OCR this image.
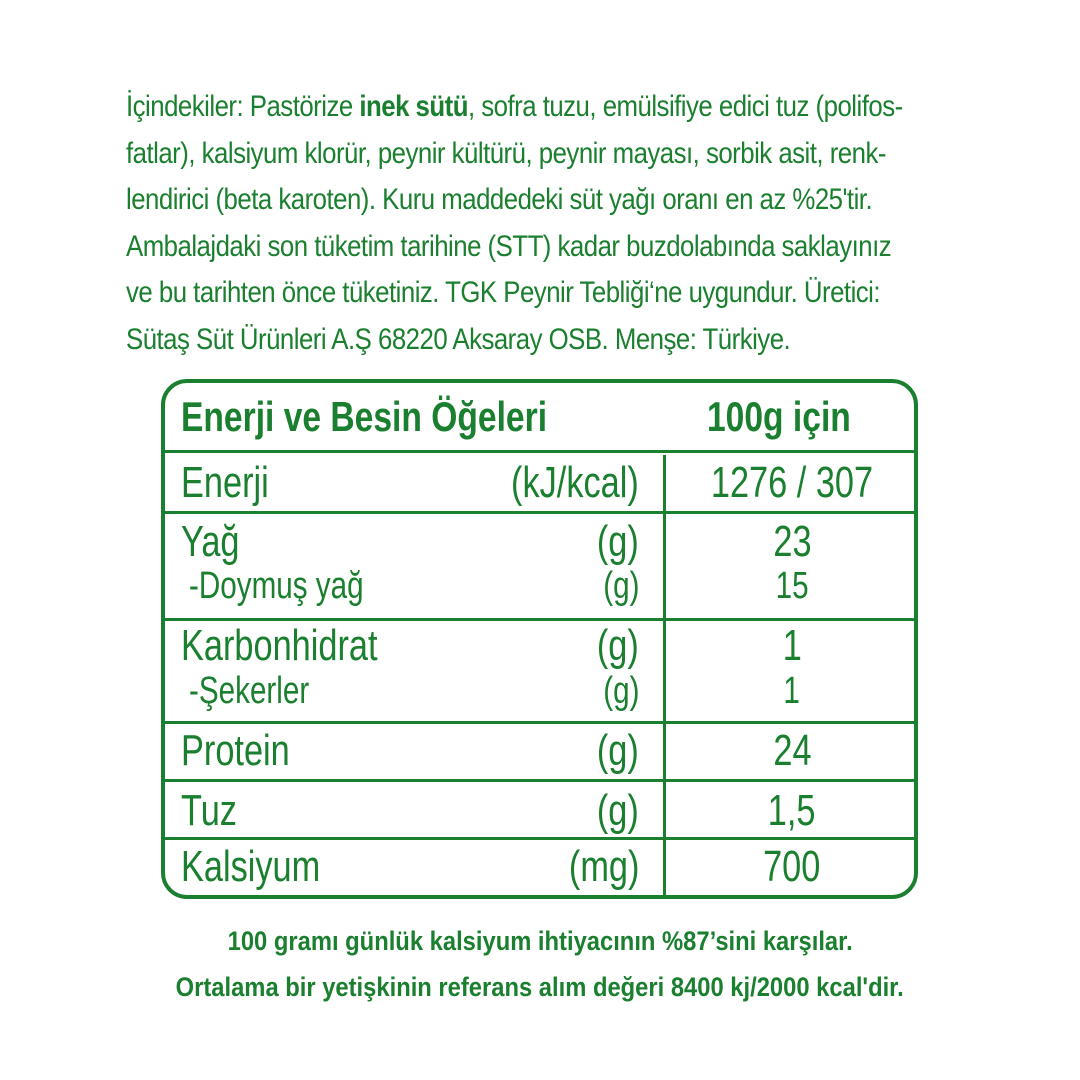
İçindekiler: Pastörize inek sütü, sofra tuzu, emülsifiye edici tuz (polifos-
fatlar), kalsiyum klorür, peynir kültürü, peynir mayası, sorbik asit, renk-
lendirici (beta karoten). Kuru maddedeki süt yağı oranı en az %25'tir.
Ambalajdaki son tüketim tarihine (STT) kadar buzdolabında saklayınız
ve bu tarihten önce tüketiniz. TGK Peynir Tebliği‘ne uygundur. Üretici:
Sütaş Süt Ürünleri A.Ş 68220 Aksaray OSB. Menşe: Türkiye.
Enerji ve Besin Öğeleri	100g için
Enerji	(kJ/kcal)	1276 / 307
Yağ	(g)	23
-Doymuş yağ	(g)	15
Karbonhidrat	(g)	1
-Şekerler	(g)	1
Protein	(g)	24
Tuz	(g)	1,5
Kalsiyum	(mg)	700
100 gramı günlük kalsiyum ihtiyacının %87’sini karşılar.
Ortalama bir yetişkinin referans alım değeri 8400 kj/2000 kcal'dir.
